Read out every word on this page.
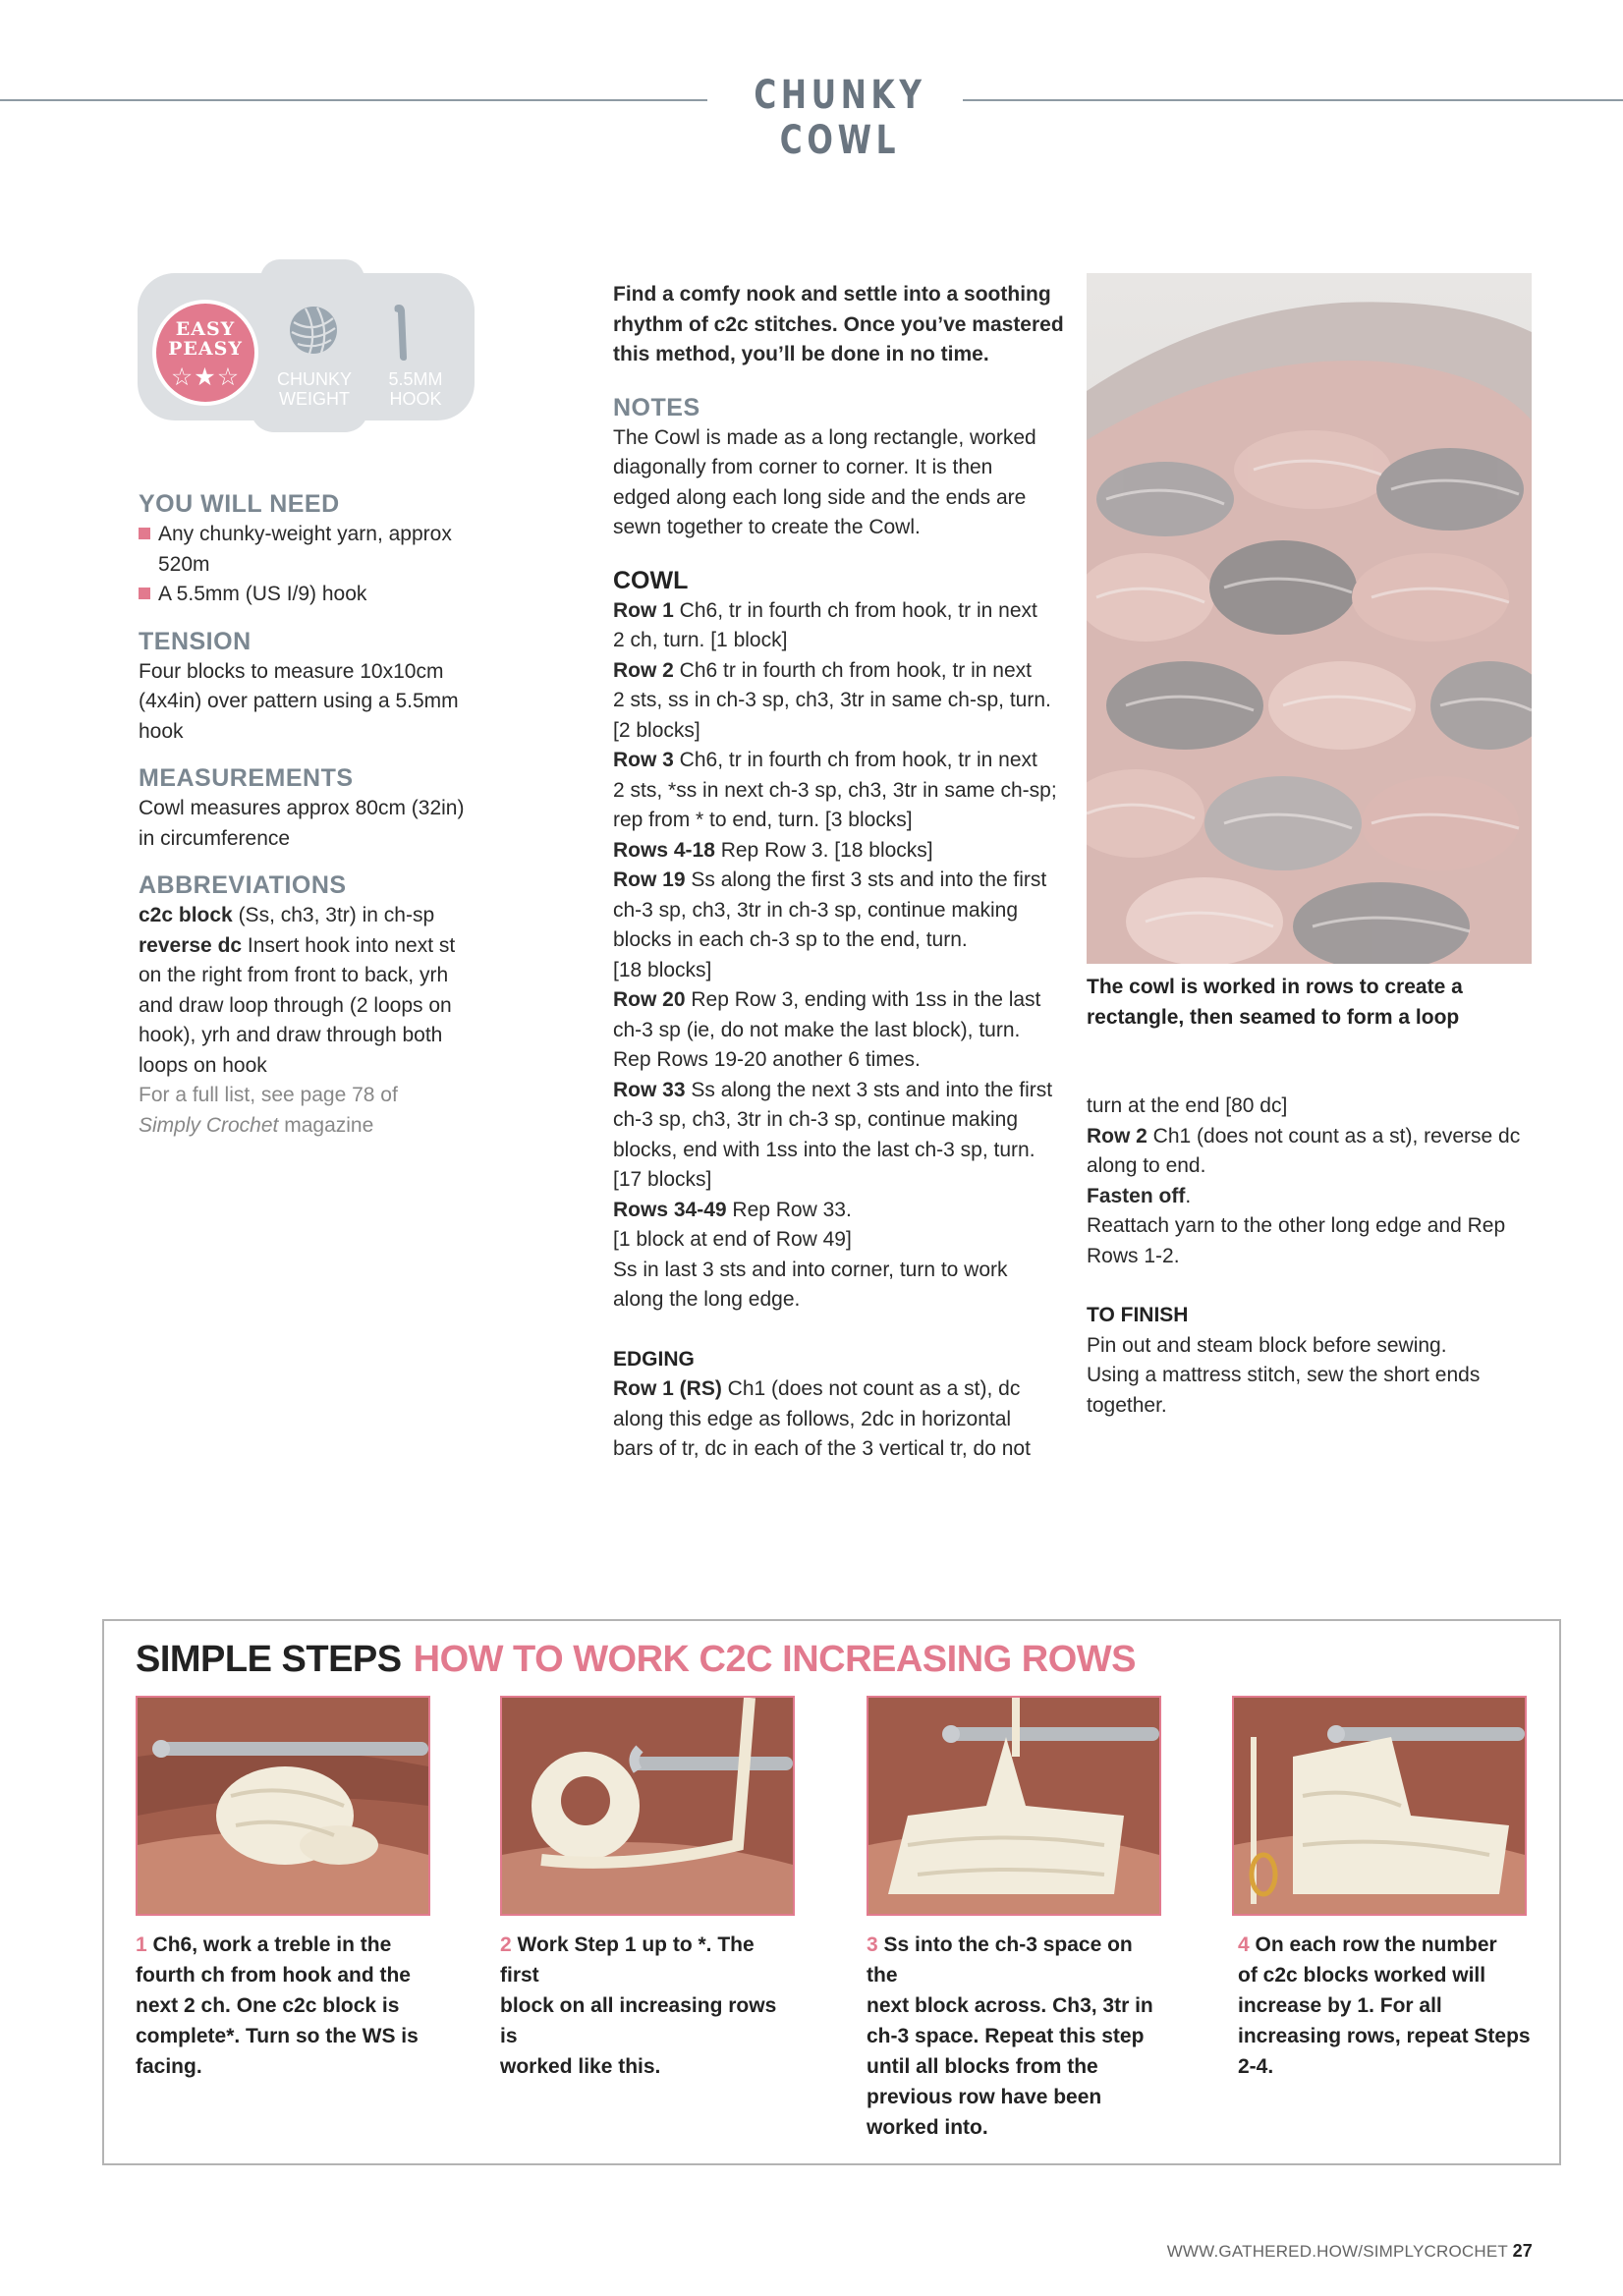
CHUNKY COWL
EASY
PEASY
☆★☆	CHUNKY
WEIGHT
5.5MM
HOOK

YOU WILL NEED

Any chunky-weight yarn, approx

520m

A 5.5mm (US I/9) hook

TENSION

Four blocks to measure 10x10cm

(4x4in) over pattern using a 5.5mm

hook

MEASUREMENTS

Cowl measures approx 80cm (32in)

in circumference

ABBREVIATIONS

c2c block (Ss, ch3, 3tr) in ch-sp

reverse dc Insert hook into next st

on the right from front to back, yrh

and draw loop through (2 loops on

hook), yrh and draw through both

loops on hook

For a full list, see page 78 of

Simply Crochet magazine

Find a comfy nook and settle into a soothing

rhythm of c2c stitches. Once you’ve mastered

this method, you’ll be done in no time.

NOTES

The Cowl is made as a long rectangle, worked

diagonally from corner to corner. It is then

edged along each long side and the ends are

sewn together to create the Cowl.

COWL

Row 1 Ch6, tr in fourth ch from hook, tr in next

2 ch, turn. [1 block]

Row 2 Ch6 tr in fourth ch from hook, tr in next

2 sts, ss in ch-3 sp, ch3, 3tr in same ch-sp, turn.

[2 blocks]

Row 3 Ch6, tr in fourth ch from hook, tr in next

2 sts, *ss in next ch-3 sp, ch3, 3tr in same ch-sp;

rep from * to end, turn. [3 blocks]

Rows 4-18 Rep Row 3. [18 blocks]

Row 19 Ss along the first 3 sts and into the first

ch-3 sp, ch3, 3tr in ch-3 sp, continue making

blocks in each ch-3 sp to the end, turn.

[18 blocks]

Row 20 Rep Row 3, ending with 1ss in the last

ch-3 sp (ie, do not make the last block), turn.

Rep Rows 19-20 another 6 times.

Row 33 Ss along the next 3 sts and into the first

ch-3 sp, ch3, 3tr in ch-3 sp, continue making

blocks, end with 1ss into the last ch-3 sp, turn.

[17 blocks]

Rows 34-49 Rep Row 33.

[1 block at end of Row 49]

Ss in last 3 sts and into corner, turn to work

along the long edge.

EDGING

Row 1 (RS) Ch1 (does not count as a st), dc

along this edge as follows, 2dc in horizontal

bars of tr, dc in each of the 3 vertical tr, do not

The cowl is worked in rows to create a
rectangle, then seamed to form a loop

turn at the end [80 dc]

Row 2 Ch1 (does not count as a st), reverse dc

along to end.

Fasten off.

Reattach yarn to the other long edge and Rep

Rows 1-2.

TO FINISH

Pin out and steam block before sewing.

Using a mattress stitch, sew the short ends

together.

SIMPLE STEPS HOW TO WORK C2C INCREASING ROWS
1 Ch6, work a treble in the
fourth ch from hook and the
next 2 ch. One c2c block is
complete*. Turn so the WS is
facing.
2 Work Step 1 up to *. The first
block on all increasing rows is
worked like this.
3 Ss into the ch-3 space on the
next block across. Ch3, 3tr in
ch-3 space. Repeat this step
until all blocks from the
previous row have been
worked into.
4 On each row the number
of c2c blocks worked will
increase by 1. For all
increasing rows, repeat Steps
2-4.
WWW.GATHERED.HOW/SIMPLYCROCHET 27
